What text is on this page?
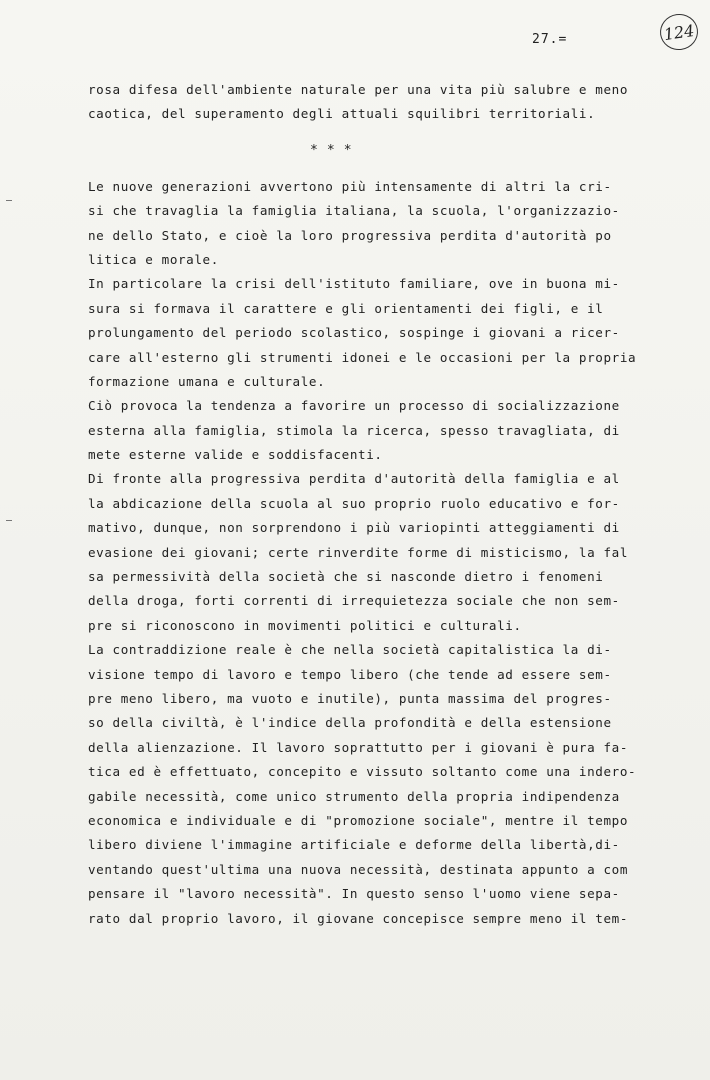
27.=	124
rosa difesa dell'ambiente naturale per una vita più salubre e meno
caotica, del superamento degli attuali squilibri territoriali.
* * *
Le nuove generazioni avvertono più intensamente di altri la cri-
si che travaglia la famiglia italiana, la scuola, l'organizzazio-
ne dello Stato, e cioè la loro progressiva perdita d'autorità po
litica e morale.
In particolare la crisi dell'istituto familiare, ove in buona mi-
sura si formava il carattere e gli orientamenti dei figli, e il
prolungamento del periodo scolastico, sospinge i giovani a ricer-
care all'esterno gli strumenti idonei e le occasioni per la propria
formazione umana e culturale.
Ciò provoca la tendenza a favorire un processo di socializzazione
esterna alla famiglia, stimola la ricerca, spesso travagliata, di
mete esterne valide e soddisfacenti.
Di fronte alla progressiva perdita d'autorità della famiglia e al
la abdicazione della scuola al suo proprio ruolo educativo e for-
mativo, dunque, non sorprendono i più variopinti atteggiamenti di
evasione dei giovani; certe rinverdite forme di misticismo, la fal
sa permessività della società che si nasconde dietro i fenomeni
della droga, forti correnti di irrequietezza sociale che non sem-
pre si riconoscono in movimenti politici e culturali.
La contraddizione reale è che nella società capitalistica la di-
visione tempo di lavoro e tempo libero (che tende ad essere sem-
pre meno libero, ma vuoto e inutile), punta massima del progres-
so della civiltà, è l'indice della profondità e della estensione
della alienzazione. Il lavoro soprattutto per i giovani è pura fa-
tica ed è effettuato, concepito e vissuto soltanto come una indero-
gabile necessità, come unico strumento della propria indipendenza
economica e individuale e di "promozione sociale", mentre il tempo
libero diviene l'immagine artificiale e deforme della libertà,di-
ventando quest'ultima una nuova necessità, destinata appunto a com
pensare il "lavoro necessità". In questo senso l'uomo viene sepa-
rato dal proprio lavoro, il giovane concepisce sempre meno il tem-
